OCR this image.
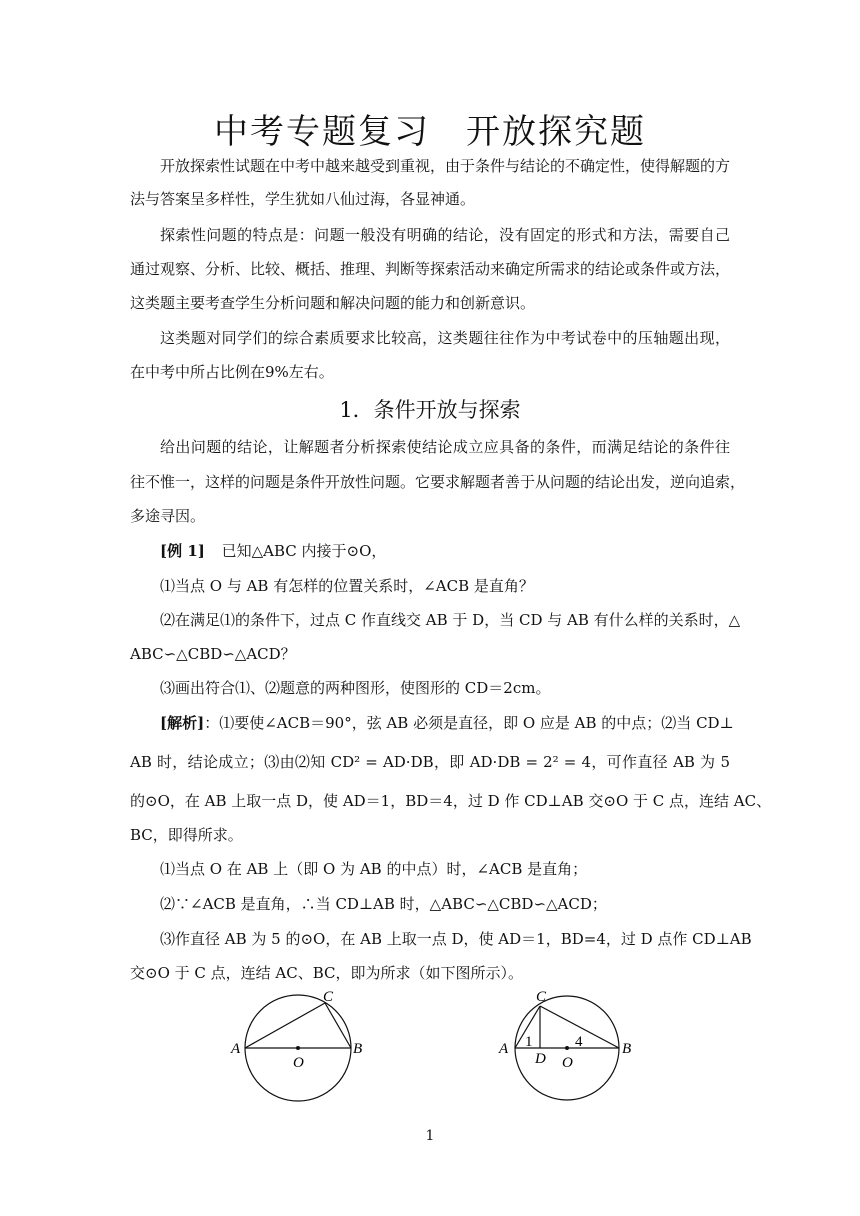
中考专题复习　开放探究题
开放探索性试题在中考中越来越受到重视，由于条件与结论的不确定性，使得解题的方
法与答案呈多样性，学生犹如八仙过海，各显神通。
探索性问题的特点是：问题一般没有明确的结论，没有固定的形式和方法，需要自己
通过观察、分析、比较、概括、推理、判断等探索活动来确定所需求的结论或条件或方法，
这类题主要考查学生分析问题和解决问题的能力和创新意识。
这类题对同学们的综合素质要求比较高，这类题往往作为中考试卷中的压轴题出现，
在中考中所占比例在9%左右。
1．条件开放与探索
给出问题的结论，让解题者分析探索使结论成立应具备的条件，而满足结论的条件往
往不惟一，这样的问题是条件开放性问题。它要求解题者善于从问题的结论出发，逆向追索，
多途寻因。
[例 1] 已知△ABC 内接于⊙O，
⑴当点 O 与 AB 有怎样的位置关系时，∠ACB 是直角？
⑵在满足⑴的条件下，过点 C 作直线交 AB 于 D，当 CD 与 AB 有什么样的关系时，△
ABC∽△CBD∽△ACD？
⑶画出符合⑴、⑵题意的两种图形，使图形的 CD＝2cm。
[解析]：⑴要使∠ACB＝90°，弦 AB 必须是直径，即 O 应是 AB 的中点；⑵当 CD⊥
AB 时，结论成立；⑶由⑵知 CD² = AD·DB，即 AD·DB = 2² = 4，可作直径 AB 为 5
的⊙O，在 AB 上取一点 D，使 AD＝1，BD＝4，过 D 作 CD⊥AB 交⊙O 于 C 点，连结 AC、
BC，即得所求。
⑴当点 O 在 AB 上（即 O 为 AB 的中点）时，∠ACB 是直角；
⑵∵∠ACB 是直角，∴当 CD⊥AB 时，△ABC∽△CBD∽△ACD；
⑶作直径 AB 为 5 的⊙O，在 AB 上取一点 D，使 AD＝1，BD=4，过 D 点作 CD⊥AB
交⊙O 于 C 点，连结 AC、BC，即为所求（如下图所示）。
A	B
C
O
A	B
C
D O
1	4
1
